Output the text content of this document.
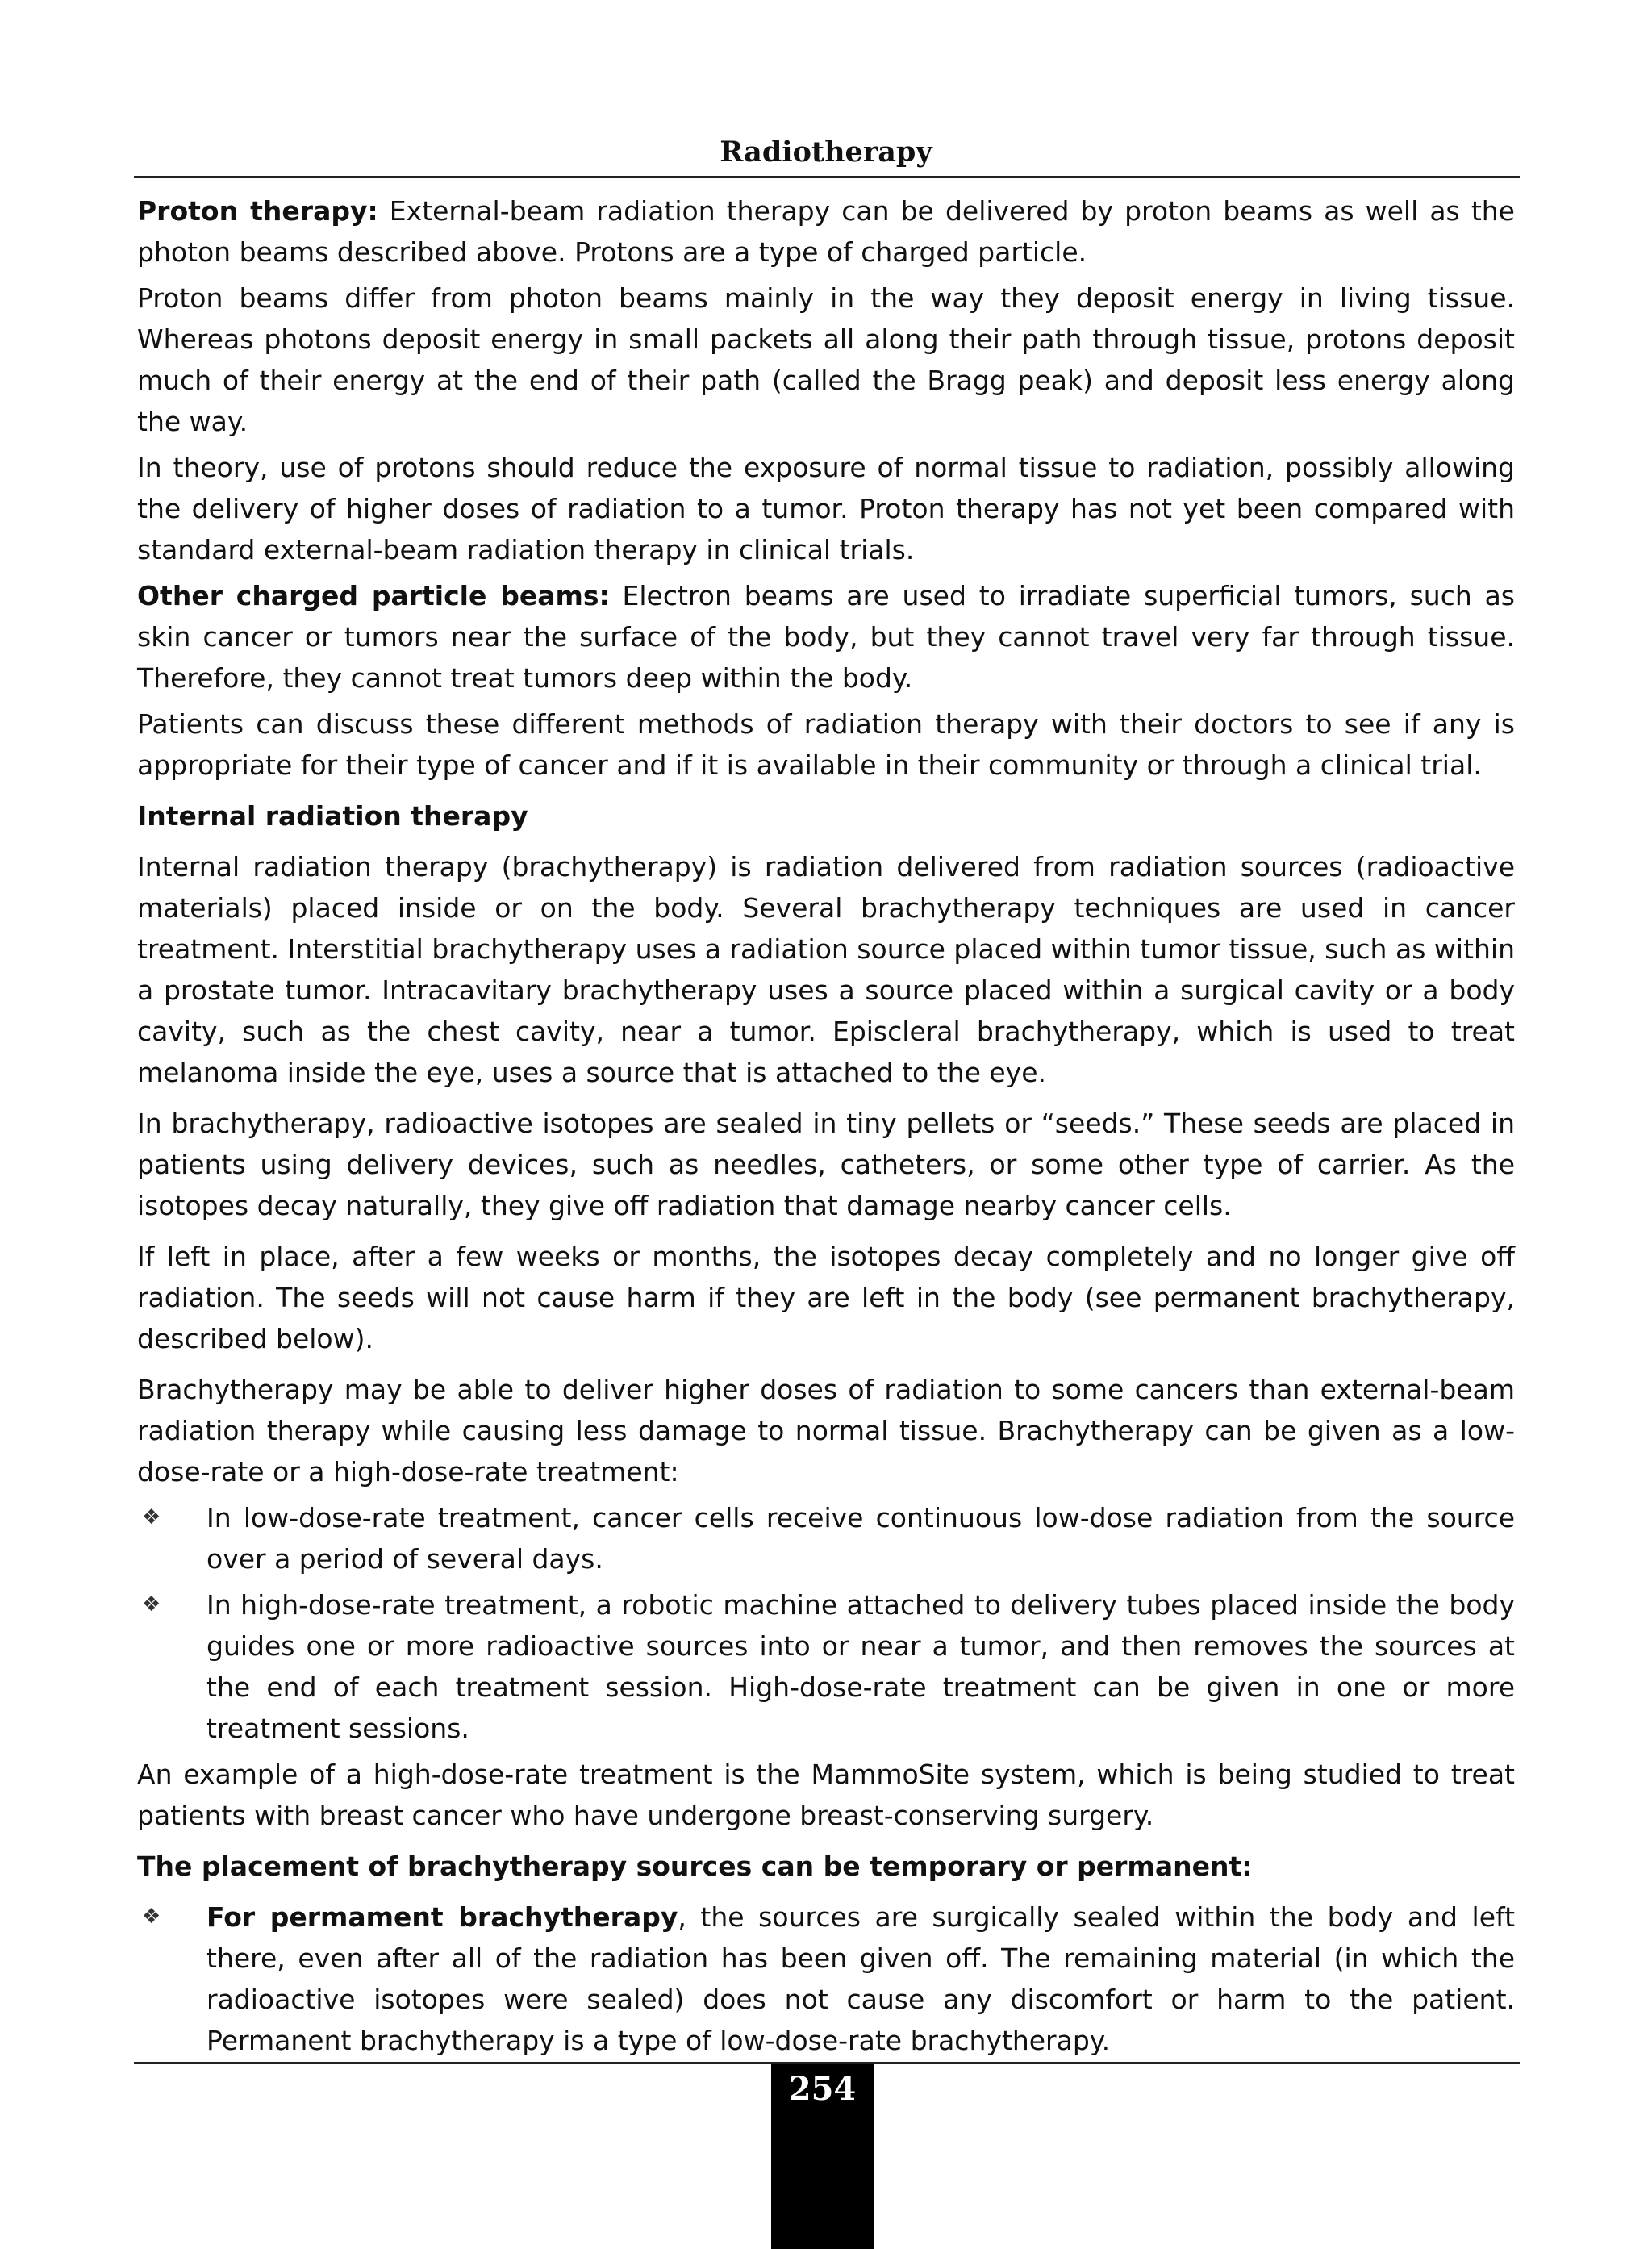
Radiotherapy

Proton therapy: External-beam radiation therapy can be delivered by proton beams as well as the photon beams described above. Protons are a type of charged particle.

Proton beams differ from photon beams mainly in the way they deposit energy in living tissue. Whereas photons deposit energy in small packets all along their path through tissue, protons deposit much of their energy at the end of their path (called the Bragg peak) and deposit less energy along the way.

In theory, use of protons should reduce the exposure of normal tissue to radiation, possibly allowing the delivery of higher doses of radiation to a tumor. Proton therapy has not yet been compared with standard external-beam radiation therapy in clinical trials.

Other charged particle beams: Electron beams are used to irradiate superficial tumors, such as skin cancer or tumors near the surface of the body, but they cannot travel very far through tissue. Therefore, they cannot treat tumors deep within the body.

Patients can discuss these different methods of radiation therapy with their doctors to see if any is appropriate for their type of cancer and if it is available in their community or through a clinical trial.

Internal radiation therapy

Internal radiation therapy (brachytherapy) is radiation delivered from radiation sources (radioactive materials) placed inside or on the body. Several brachytherapy techniques are used in cancer treatment. Interstitial brachytherapy uses a radiation source placed within tumor tissue, such as within a prostate tumor. Intracavitary brachytherapy uses a source placed within a surgical cavity or a body cavity, such as the chest cavity, near a tumor. Episcleral brachytherapy, which is used to treat melanoma inside the eye, uses a source that is attached to the eye.

In brachytherapy, radioactive isotopes are sealed in tiny pellets or “seeds.” These seeds are placed in patients using delivery devices, such as needles, catheters, or some other type of carrier. As the isotopes decay naturally, they give off radiation that damage nearby cancer cells.

If left in place, after a few weeks or months, the isotopes decay completely and no longer give off radiation. The seeds will not cause harm if they are left in the body (see permanent brachytherapy, described below).

Brachytherapy may be able to deliver higher doses of radiation to some cancers than external-beam radiation therapy while causing less damage to normal tissue. Brachytherapy can be given as a low-dose-rate or a high-dose-rate treatment:

❖ In low-dose-rate treatment, cancer cells receive continuous low-dose radiation from the source over a period of several days.
❖ In high-dose-rate treatment, a robotic machine attached to delivery tubes placed inside the body guides one or more radioactive sources into or near a tumor, and then removes the sources at the end of each treatment session. High-dose-rate treatment can be given in one or more treatment sessions.

An example of a high-dose-rate treatment is the MammoSite system, which is being studied to treat patients with breast cancer who have undergone breast-conserving surgery.

The placement of brachytherapy sources can be temporary or permanent:

❖ For permament brachytherapy, the sources are surgically sealed within the body and left there, even after all of the radiation has been given off. The remaining material (in which the radioactive isotopes were sealed) does not cause any discomfort or harm to the patient. Permanent brachytherapy is a type of low-dose-rate brachytherapy.
254
